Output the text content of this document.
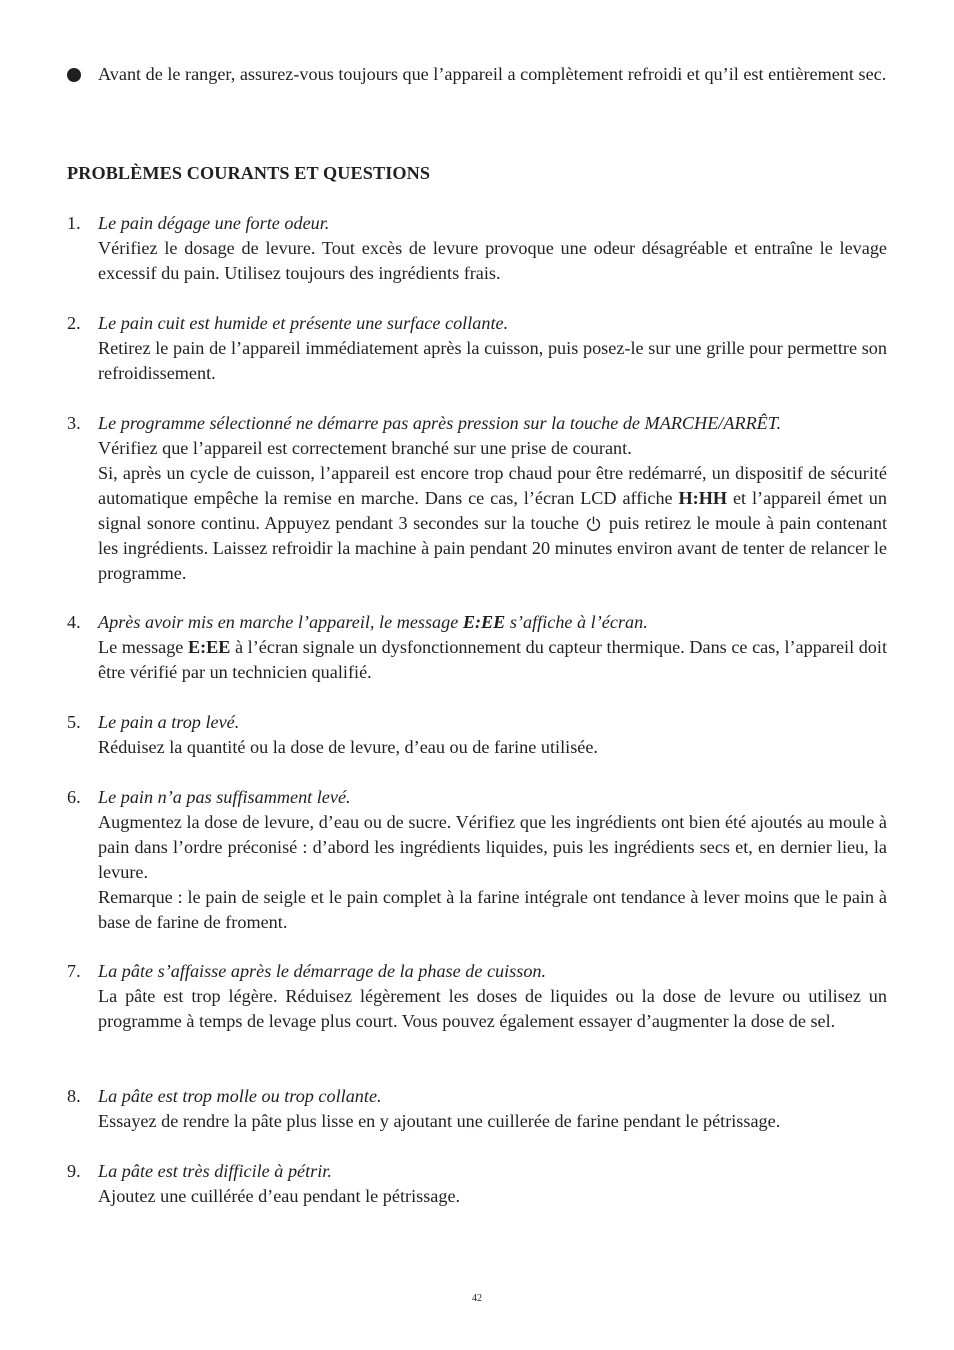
Avant de le ranger, assurez-vous toujours que l’appareil a complètement refroidi et qu’il est entièrement sec.
PROBLÈMES COURANTS ET QUESTIONS
1. Le pain dégage une forte odeur.

Vérifiez le dosage de levure. Tout excès de levure provoque une odeur désagréable et entraîne le levage excessif du pain. Utilisez toujours des ingrédients frais.

2. Le pain cuit est humide et présente une surface collante.

Retirez le pain de l’appareil immédiatement après la cuisson, puis posez-le sur une grille pour permettre son refroidissement.

3. Le programme sélectionné ne démarre pas après pression sur la touche de MARCHE/ARRÊT.

Vérifiez que l’appareil est correctement branché sur une prise de courant.

Si, après un cycle de cuisson, l’appareil est encore trop chaud pour être redémarré, un dispositif de sécurité automatique empêche la remise en marche. Dans ce cas, l’écran LCD affiche H:HH et l’appareil émet un signal sonore continu. Appuyez pendant 3 secondes sur la touche  puis retirez le moule à pain contenant les ingrédients. Laissez refroidir la machine à pain pendant 20 minutes environ avant de tenter de relancer le programme.

4. Après avoir mis en marche l’appareil, le message E:EE s’affiche à l’écran.

Le message E:EE à l’écran signale un dysfonctionnement du capteur thermique. Dans ce cas, l’appareil doit être vérifié par un technicien qualifié.

5. Le pain a trop levé.

Réduisez la quantité ou la dose de levure, d’eau ou de farine utilisée.

6. Le pain n’a pas suffisamment levé.

Augmentez la dose de levure, d’eau ou de sucre. Vérifiez que les ingrédients ont bien été ajoutés au moule à pain dans l’ordre préconisé : d’abord les ingrédients liquides, puis les ingrédients secs et, en dernier lieu, la levure.

Remarque : le pain de seigle et le pain complet à la farine intégrale ont tendance à lever moins que le pain à base de farine de froment.

7. La pâte s’affaisse après le démarrage de la phase de cuisson.

La pâte est trop légère. Réduisez légèrement les doses de liquides ou la dose de levure ou utilisez un programme à temps de levage plus court. Vous pouvez également essayer d’augmenter la dose de sel.

8. La pâte est trop molle ou trop collante.

Essayez de rendre la pâte plus lisse en y ajoutant une cuillerée de farine pendant le pétrissage.

9. La pâte est très difficile à pétrir.

Ajoutez une cuillérée d’eau pendant le pétrissage.

42
